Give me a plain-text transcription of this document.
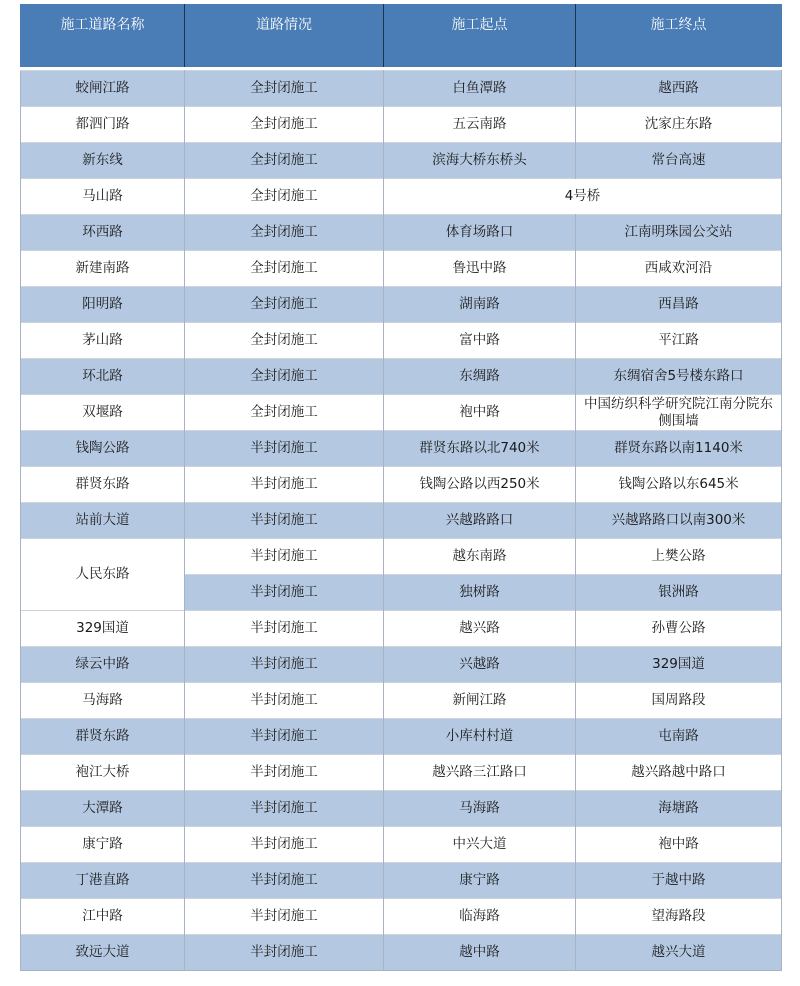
施工道路名称	道路情况	施工起点	施工终点

蛟闸江路	全封闭施工	白鱼潭路	越西路
都泗门路	全封闭施工	五云南路	沈家庄东路
新东线	全封闭施工	滨海大桥东桥头	常台高速
马山路	全封闭施工	4号桥	
环西路	全封闭施工	体育场路口	江南明珠园公交站
新建南路	全封闭施工	鲁迅中路	西咸欢河沿
阳明路	全封闭施工	湖南路	西昌路
茅山路	全封闭施工	富中路	平江路
环北路	全封闭施工	东绸路	东绸宿舍5号楼东路口
双堰路	全封闭施工	袍中路	中国纺织科学研究院江南分院东侧围墙
钱陶公路	半封闭施工	群贤东路以北740米	群贤东路以南1140米
群贤东路	半封闭施工	钱陶公路以西250米	钱陶公路以东645米
站前大道	半封闭施工	兴越路路口	兴越路路口以南300米
人民东路	半封闭施工	越东南路	上樊公路
	半封闭施工	独树路	银洲路
329国道	半封闭施工	越兴路	孙曹公路
绿云中路	半封闭施工	兴越路	329国道
马海路	半封闭施工	新闸江路	国周路段
群贤东路	半封闭施工	小库村村道	屯南路
袍江大桥	半封闭施工	越兴路三江路口	越兴路越中路口
大潭路	半封闭施工	马海路	海塘路
康宁路	半封闭施工	中兴大道	袍中路
丁港直路	半封闭施工	康宁路	于越中路
江中路	半封闭施工	临海路	望海路段
致远大道	半封闭施工	越中路	越兴大道
